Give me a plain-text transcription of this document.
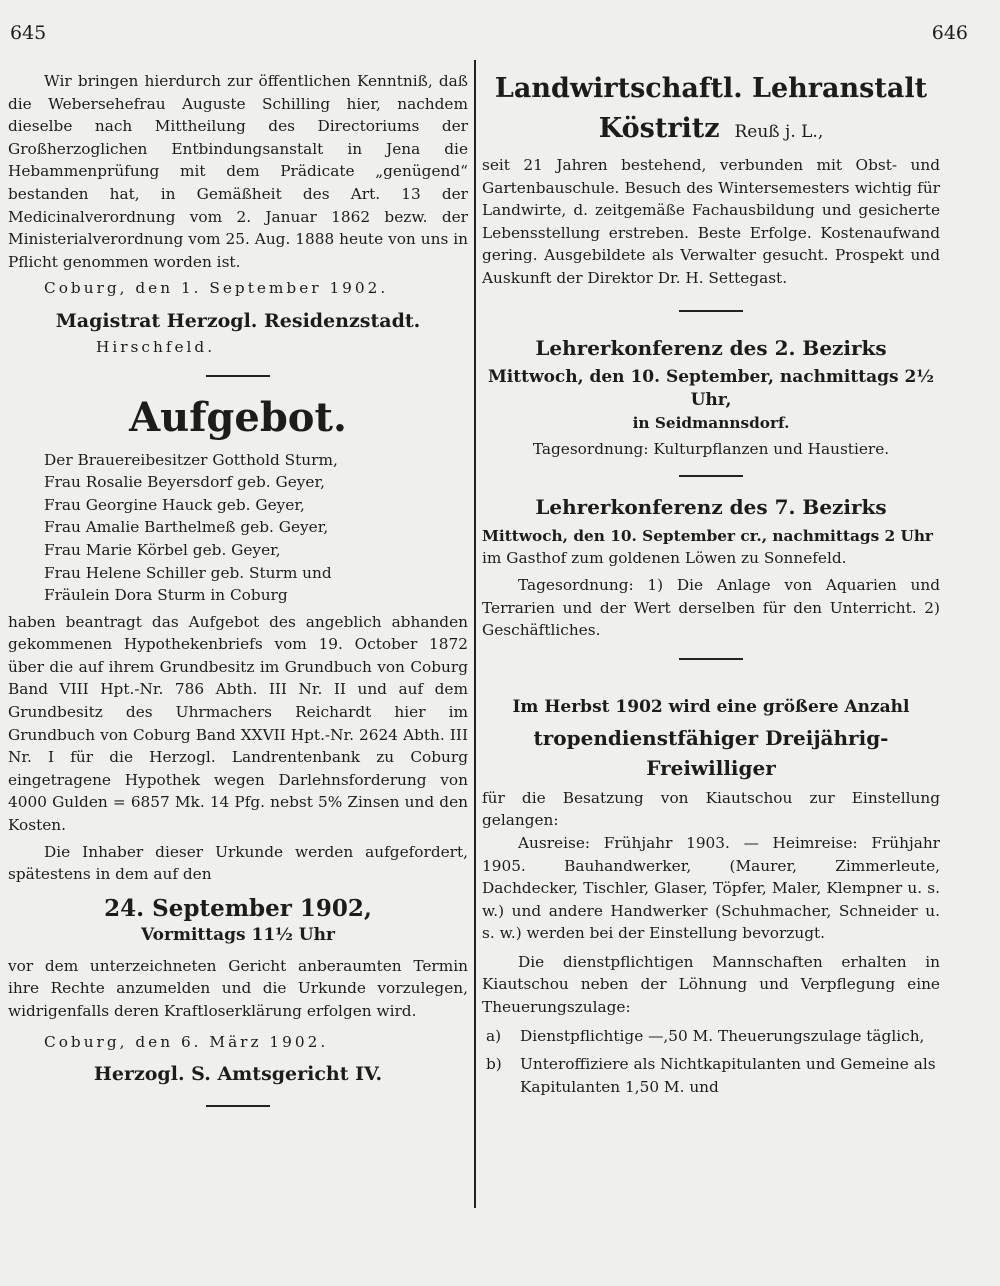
645	646

Wir bringen hierdurch zur öffentlichen Kenntniß, daß die Webersehefrau Auguste Schilling hier, nachdem dieselbe nach Mittheilung des Directoriums der Großherzoglichen Entbindungsanstalt in Jena die Hebammenprüfung mit dem Prädicate „genügend“ bestanden hat, in Gemäßheit des Art. 13 der Medicinalverordnung vom 2. Januar 1862 bezw. der Ministerialverordnung vom 25. Aug. 1888 heute von uns in Pflicht genommen worden ist.

Coburg, den 1. September 1902.

Magistrat Herzogl. Residenzstadt.
Hirschfeld.
Aufgebot.
Der Brauereibesitzer Gotthold Sturm,
Frau Rosalie Beyersdorf geb. Geyer,
Frau Georgine Hauck geb. Geyer,
Frau Amalie Barthelmeß geb. Geyer,
Frau Marie Körbel geb. Geyer,
Frau Helene Schiller geb. Sturm und
Fräulein Dora Sturm in Coburg

haben beantragt das Aufgebot des angeblich abhanden gekommenen Hypothekenbriefs vom 19. October 1872 über die auf ihrem Grundbesitz im Grundbuch von Coburg Band VIII Hpt.-Nr. 786 Abth. III Nr. II und auf dem Grundbesitz des Uhrmachers Reichardt hier im Grundbuch von Coburg Band XXVII Hpt.-Nr. 2624 Abth. III Nr. I für die Herzogl. Landrentenbank zu Coburg eingetragene Hypothek wegen Darlehnsforderung von 4000 Gulden = 6857 Mk. 14 Pfg. nebst 5% Zinsen und den Kosten.

Die Inhaber dieser Urkunde werden aufgefordert, spätestens in dem auf den

24. September 1902,
Vormittags 11½ Uhr

vor dem unterzeichneten Gericht anberaumten Termin ihre Rechte anzumelden und die Urkunde vorzulegen, widrigenfalls deren Kraftloserklärung erfolgen wird.

Coburg, den 6. März 1902.

Herzogl. S. Amtsgericht IV.
Landwirtschaftl. Lehranstalt
Köstritz Reuß j. L.,

seit 21 Jahren bestehend, verbunden mit Obst- und Gartenbauschule. Besuch des Wintersemesters wichtig für Landwirte, d. zeitgemäße Fachausbildung und gesicherte Lebensstellung erstreben. Beste Erfolge. Kostenaufwand gering. Ausgebildete als Verwalter gesucht. Prospekt und Auskunft der Direktor Dr. H. Settegast.

Lehrerkonferenz des 2. Bezirks
Mittwoch, den 10. September, nachmittags 2½ Uhr,
in Seidmannsdorf.

Tagesordnung: Kulturpflanzen und Haustiere.

Lehrerkonferenz des 7. Bezirks

Mittwoch, den 10. September cr., nachmittags 2 Uhr

im Gasthof zum goldenen Löwen zu Sonnefeld.

Tagesordnung: 1) Die Anlage von Aquarien und Terrarien und der Wert derselben für den Unterricht. 2) Geschäftliches.

Im Herbst 1902 wird eine größere Anzahl
tropendienstfähiger Dreijährig-Freiwilliger

für die Besatzung von Kiautschou zur Einstellung gelangen:

Ausreise: Frühjahr 1903. — Heimreise: Frühjahr 1905. Bauhandwerker, (Maurer, Zimmerleute, Dachdecker, Tischler, Glaser, Töpfer, Maler, Klempner u. s. w.) und andere Handwerker (Schuhmacher, Schneider u. s. w.) werden bei der Einstellung bevorzugt.

Die dienstpflichtigen Mannschaften erhalten in Kiautschou neben der Löhnung und Verpflegung eine Theuerungszulage:

a)	Dienstpflichtige —,50 M. Theuerungszulage täglich,
b)	Unteroffiziere als Nichtkapitulanten und Gemeine als Kapitulanten 1,50 M. und
